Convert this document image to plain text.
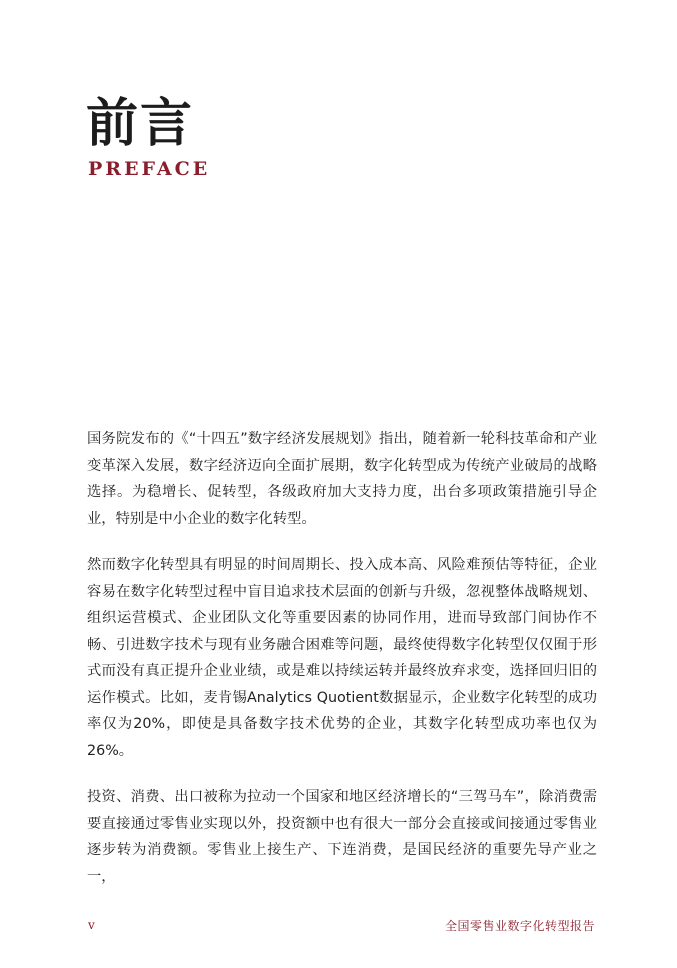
前言
PREFACE

国务院发布的《“十四五”数字经济发展规划》指出，随着新一轮科技革命和产业变革深入发展，数字经济迈向全面扩展期，数字化转型成为传统产业破局的战略选择。为稳增长、促转型，各级政府加大支持力度，出台多项政策措施引导企业，特别是中小企业的数字化转型。

然而数字化转型具有明显的时间周期长、投入成本高、风险难预估等特征，企业容易在数字化转型过程中盲目追求技术层面的创新与升级，忽视整体战略规划、组织运营模式、企业团队文化等重要因素的协同作用，进而导致部门间协作不畅、引进数字技术与现有业务融合困难等问题，最终使得数字化转型仅仅囿于形式而没有真正提升企业业绩，或是难以持续运转并最终放弃求变，选择回归旧的运作模式。比如，麦肯锡Analytics Quotient数据显示，企业数字化转型的成功率仅为20%，即使是具备数字技术优势的企业，其数字化转型成功率也仅为26%。

投资、消费、出口被称为拉动一个国家和地区经济增长的“三驾马车”，除消费需要直接通过零售业实现以外，投资额中也有很大一部分会直接或间接通过零售业逐步转为消费额。零售业上接生产、下连消费，是国民经济的重要先导产业之一，

v	全国零售业数字化转型报告
